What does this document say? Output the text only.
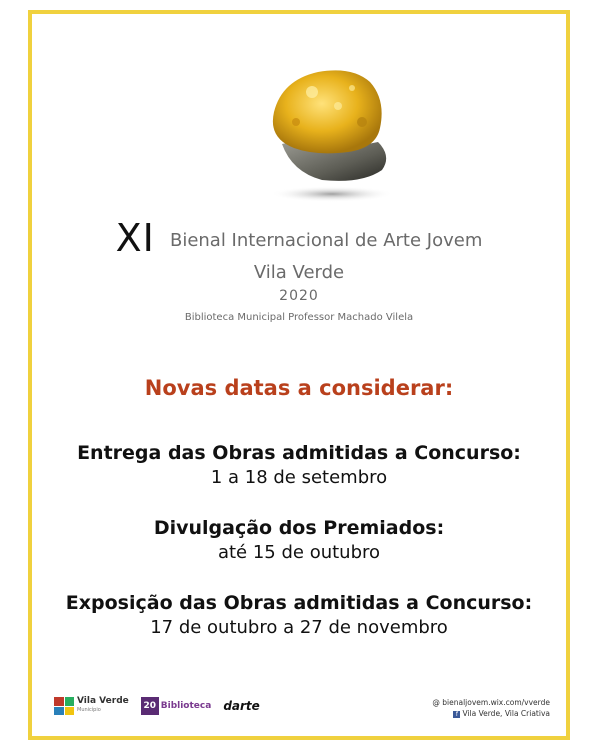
XI Bienal Internacional de Arte Jovem
Vila Verde
2020
Biblioteca Municipal Professor Machado Vilela
Novas datas a considerar:
Entrega das Obras admitidas a Concurso:
1 a 18 de setembro
Divulgação dos Premiados:
até 15 de outubro
Exposição das Obras admitidas a Concurso:
17 de outubro a 27 de novembro
Vila Verde
Município	20 Biblioteca darte	@ bienaljovem.wix.com/vverde
f Vila Verde, Vila Criativa
